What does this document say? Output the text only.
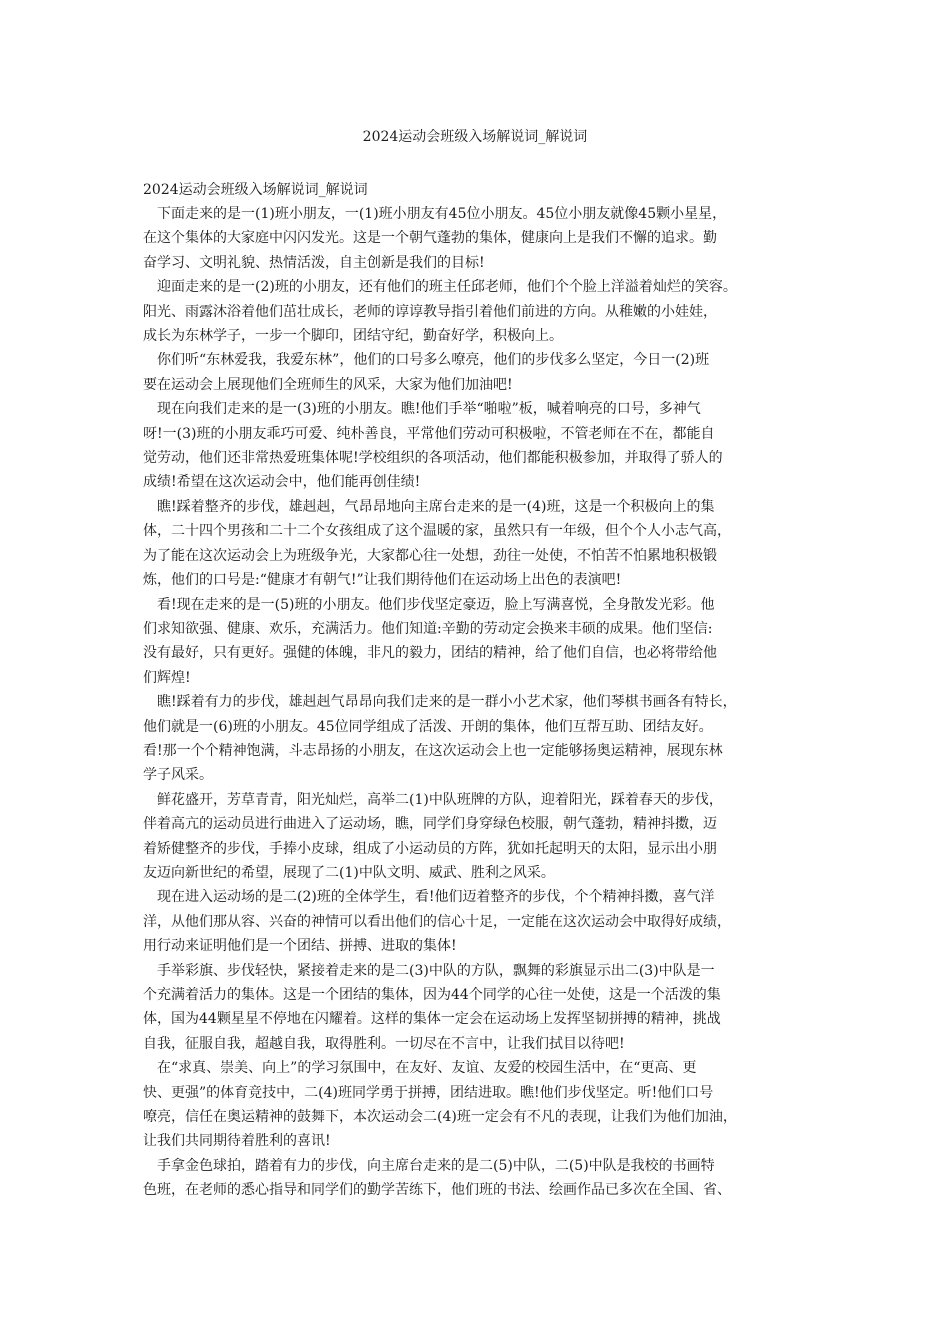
2024运动会班级入场解说词_解说词

2024运动会班级入场解说词_解说词

　下面走来的是一(1)班小朋友，一(1)班小朋友有45位小朋友。45位小朋友就像45颗小星星，
在这个集体的大家庭中闪闪发光。这是一个朝气蓬勃的集体，健康向上是我们不懈的追求。勤
奋学习、文明礼貌、热情活泼，自主创新是我们的目标!
　迎面走来的是一(2)班的小朋友，还有他们的班主任邱老师，他们个个脸上洋溢着灿烂的笑容。
阳光、雨露沐浴着他们茁壮成长，老师的谆谆教导指引着他们前进的方向。从稚嫩的小娃娃，
成长为东林学子，一步一个脚印，团结守纪，勤奋好学，积极向上。
　你们听“东林爱我，我爱东林”，他们的口号多么嘹亮，他们的步伐多么坚定，今日一(2)班
要在运动会上展现他们全班师生的风采，大家为他们加油吧!
　现在向我们走来的是一(3)班的小朋友。瞧!他们手举“啪啦”板，喊着响亮的口号，多神气
呀!一(3)班的小朋友乖巧可爱、纯朴善良，平常他们劳动可积极啦，不管老师在不在，都能自
觉劳动，他们还非常热爱班集体呢!学校组织的各项活动，他们都能积极参加，并取得了骄人的
成绩!希望在这次运动会中，他们能再创佳绩!
　瞧!踩着整齐的步伐，雄赳赳，气昂昂地向主席台走来的是一(4)班，这是一个积极向上的集
体，二十四个男孩和二十二个女孩组成了这个温暖的家，虽然只有一年级，但个个人小志气高，
为了能在这次运动会上为班级争光，大家都心往一处想，劲往一处使，不怕苦不怕累地积极锻
炼，他们的口号是:“健康才有朝气!”让我们期待他们在运动场上出色的表演吧!
　看!现在走来的是一(5)班的小朋友。他们步伐坚定豪迈，脸上写满喜悦，全身散发光彩。他
们求知欲强、健康、欢乐，充满活力。他们知道:辛勤的劳动定会换来丰硕的成果。他们坚信:
没有最好，只有更好。强健的体魄，非凡的毅力，团结的精神，给了他们自信，也必将带给他
们辉煌!
　瞧!踩着有力的步伐，雄赳赳气昂昂向我们走来的是一群小小艺术家，他们琴棋书画各有特长，
他们就是一(6)班的小朋友。45位同学组成了活泼、开朗的集体，他们互帮互助、团结友好。
看!那一个个精神饱满，斗志昂扬的小朋友，在这次运动会上也一定能够扬奥运精神，展现东林
学子风采。
　鲜花盛开，芳草青青，阳光灿烂，高举二(1)中队班牌的方队，迎着阳光，踩着春天的步伐，
伴着高亢的运动员进行曲进入了运动场，瞧，同学们身穿绿色校服，朝气蓬勃，精神抖擞，迈
着矫健整齐的步伐，手捧小皮球，组成了小运动员的方阵，犹如托起明天的太阳，显示出小朋
友迈向新世纪的希望，展现了二(1)中队文明、威武、胜利之风采。
　现在进入运动场的是二(2)班的全体学生，看!他们迈着整齐的步伐，个个精神抖擞，喜气洋
洋，从他们那从容、兴奋的神情可以看出他们的信心十足，一定能在这次运动会中取得好成绩，
用行动来证明他们是一个团结、拼搏、进取的集体!
　手举彩旗、步伐轻快，紧接着走来的是二(3)中队的方队，飘舞的彩旗显示出二(3)中队是一
个充满着活力的集体。这是一个团结的集体，因为44个同学的心往一处使，这是一个活泼的集
体，国为44颗星星不停地在闪耀着。这样的集体一定会在运动场上发挥坚韧拼搏的精神，挑战
自我，征服自我，超越自我，取得胜利。一切尽在不言中，让我们拭目以待吧!
　在“求真、崇美、向上”的学习氛围中，在友好、友谊、友爱的校园生活中，在“更高、更
快、更强”的体育竞技中，二(4)班同学勇于拼搏，团结进取。瞧!他们步伐坚定。听!他们口号
嘹亮，信任在奥运精神的鼓舞下，本次运动会二(4)班一定会有不凡的表现，让我们为他们加油，
让我们共同期待着胜利的喜讯!
　手拿金色球拍，踏着有力的步伐，向主席台走来的是二(5)中队，二(5)中队是我校的书画特
色班，在老师的悉心指导和同学们的勤学苦练下，他们班的书法、绘画作品已多次在全国、省、
